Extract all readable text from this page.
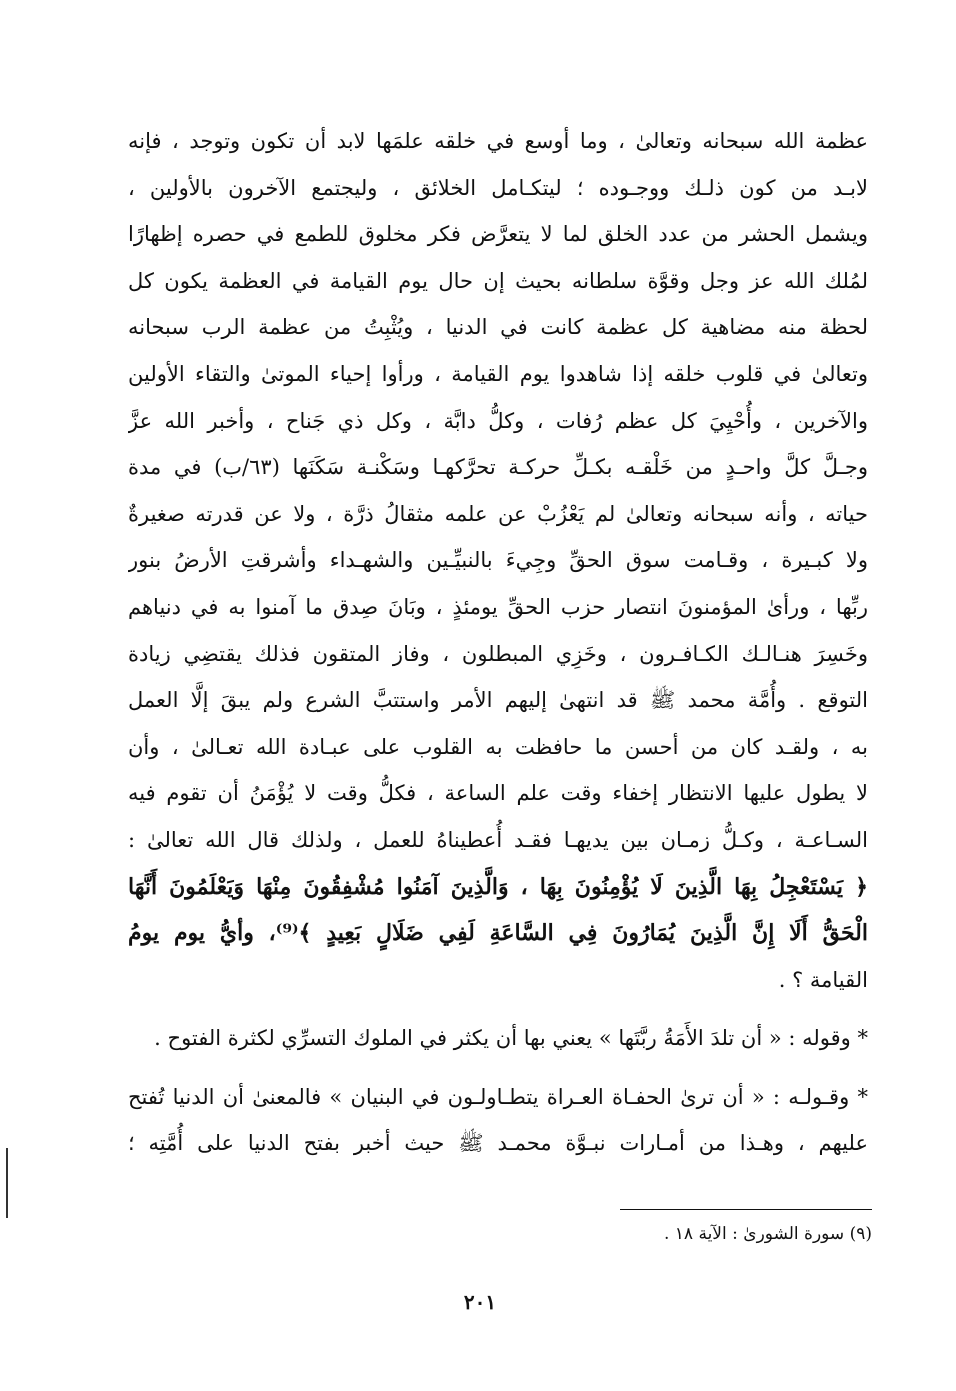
عظمة الله سبحانه وتعالىٰ ، وما أوسع في خلقه علمَها لابد أن تكون وتوجد ، فإنه
لابـد من كون ذلـك ووجـوده ؛ ليتكـامل الخلائق ، وليجتمع الآخرون بالأولين ،
ويشمل الحشر من عدد الخلق لما لا يتعرَّض فكر مخلوق للطمع في حصره إظهارًا
لمُلك الله عز وجل وقوَّة سلطانه بحيث إن حال يوم القيامة في العظمة يكون كل
لحظة منه مضاهية كل عظمة كانت في الدنيا ، ويُثْبِتُ من عظمة الرب سبحانه
وتعالىٰ في قلوب خلقه إذا شاهدوا يوم القيامة ، ورأوا إحياء الموتىٰ والتقاء الأولين
والآخرين ، وأُحْيِيَ كل عظم رُفات ، وكلُّ دابَّة ، وكل ذي جَناح ، وأخبر الله عزَّ
وجـلَّ كلَّ واحـدٍ من خَلْقـه بكـلِّ حركـة تحرَّكهـا وسَكْنـة سَكَنَها (٦٣/ب) في مدة
حياته ، وأنه سبحانه وتعالىٰ لم يَعْزُبْ عن علمه مثقالُ ذرَّة ، ولا عن قدرته صغيرةٌ
ولا كبـيرة ، وقـامت سوق الحقِّ وجِيءَ بالنبيِّـين والشهـداء وأشرقتِ الأرضُ بنور
ربِّها ، ورأىٰ المؤمنونَ انتصار حزب الحقِّ يومئذٍ ، وبَانَ صِدق ما آمنوا به في دنياهم
وخَسِرَ هنـالـك الكـافـرون ، وخَزِي المبطلون ، وفاز المتقون فذلك يقتضِي زيادة
التوقع . وأُمَّة محمد ﷺ قد انتهىٰ إليهم الأمر واستتبَّ الشرع ولم يبقَ إلَّا العمل
به ، ولقـد كان من أحسن ما حافظت به القلوب على عبـادة الله تعـالىٰ ، وأن
لا يطول عليها الانتظار إخفاء وقت علم الساعة ، فكلُّ وقت لا يُؤْمَنُ أن تقوم فيه
السـاعـة ، وكـلُّ زمـان بين يديهـا فقـد أُعطيناهُ للعمل ، ولذلك قال الله تعالىٰ :
﴿ يَسْتَعْجِلُ بِهَا الَّذِينَ لَا يُؤْمِنُونَ بِهَا ، وَالَّذِينَ آمَنُوا مُشْفِقُونَ مِنْهَا وَيَعْلَمُونَ أَنَّهَا
الْحَقُّ أَلَا إِنَّ الَّذِينَ يُمَارُونَ فِي السَّاعَةِ لَفِي ضَلَالٍ بَعِيدٍ ﴾⁽⁹⁾، وأيُّ يوم يومُ
القيامة ؟ .
* وقوله : « أن تلدَ الأَمَةُ ربَّتَها » يعني بها أن يكثر في الملوك التسرِّي لكثرة الفتوح .
* وقـولـه : « أن ترىٰ الحفـاة العـراة يتطـاولـون في البنيان » فالمعنىٰ أن الدنيا تُفتح
عليهم ، وهـذا من أمـارات نبـوَّة محمـد ﷺ حيث أخبر بفتح الدنيا على أُمَّتِه ؛
(٩) سورة الشورىٰ : الآية ١٨ .
٢٠١
